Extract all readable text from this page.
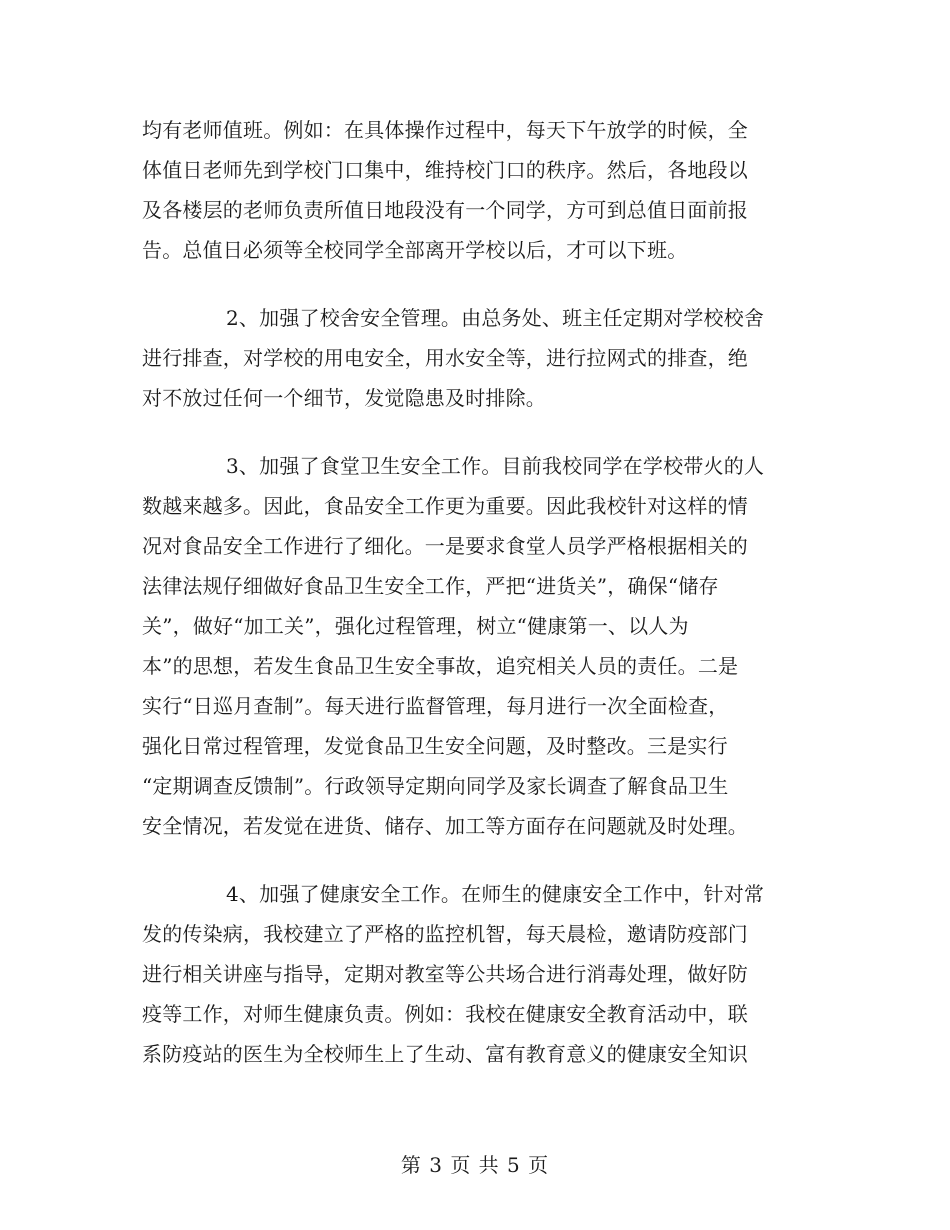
均有老师值班。例如：在具体操作过程中，每天下午放学的时候，全
体值日老师先到学校门口集中，维持校门口的秩序。然后，各地段以
及各楼层的老师负责所值日地段没有一个同学，方可到总值日面前报
告。总值日必须等全校同学全部离开学校以后，才可以下班。
2、加强了校舍安全管理。由总务处、班主任定期对学校校舍
进行排查，对学校的用电安全，用水安全等，进行拉网式的排查，绝
对不放过任何一个细节，发觉隐患及时排除。
3、加强了食堂卫生安全工作。目前我校同学在学校带火的人
数越来越多。因此，食品安全工作更为重要。因此我校针对这样的情
况对食品安全工作进行了细化。一是要求食堂人员学严格根据相关的
法律法规仔细做好食品卫生安全工作，严把“进货关”，确保“储存
关”，做好“加工关”，强化过程管理，树立“健康第一、以人为
本”的思想，若发生食品卫生安全事故，追究相关人员的责任。二是
实行“日巡月查制”。每天进行监督管理，每月进行一次全面检查，
强化日常过程管理，发觉食品卫生安全问题，及时整改。三是实行
“定期调查反馈制”。行政领导定期向同学及家长调查了解食品卫生
安全情况，若发觉在进货、储存、加工等方面存在问题就及时处理。
4、加强了健康安全工作。在师生的健康安全工作中，针对常
发的传染病，我校建立了严格的监控机智，每天晨检，邀请防疫部门
进行相关讲座与指导，定期对教室等公共场合进行消毒处理，做好防
疫等工作，对师生健康负责。例如：我校在健康安全教育活动中，联
系防疫站的医生为全校师生上了生动、富有教育意义的健康安全知识
第 3 页 共 5 页
